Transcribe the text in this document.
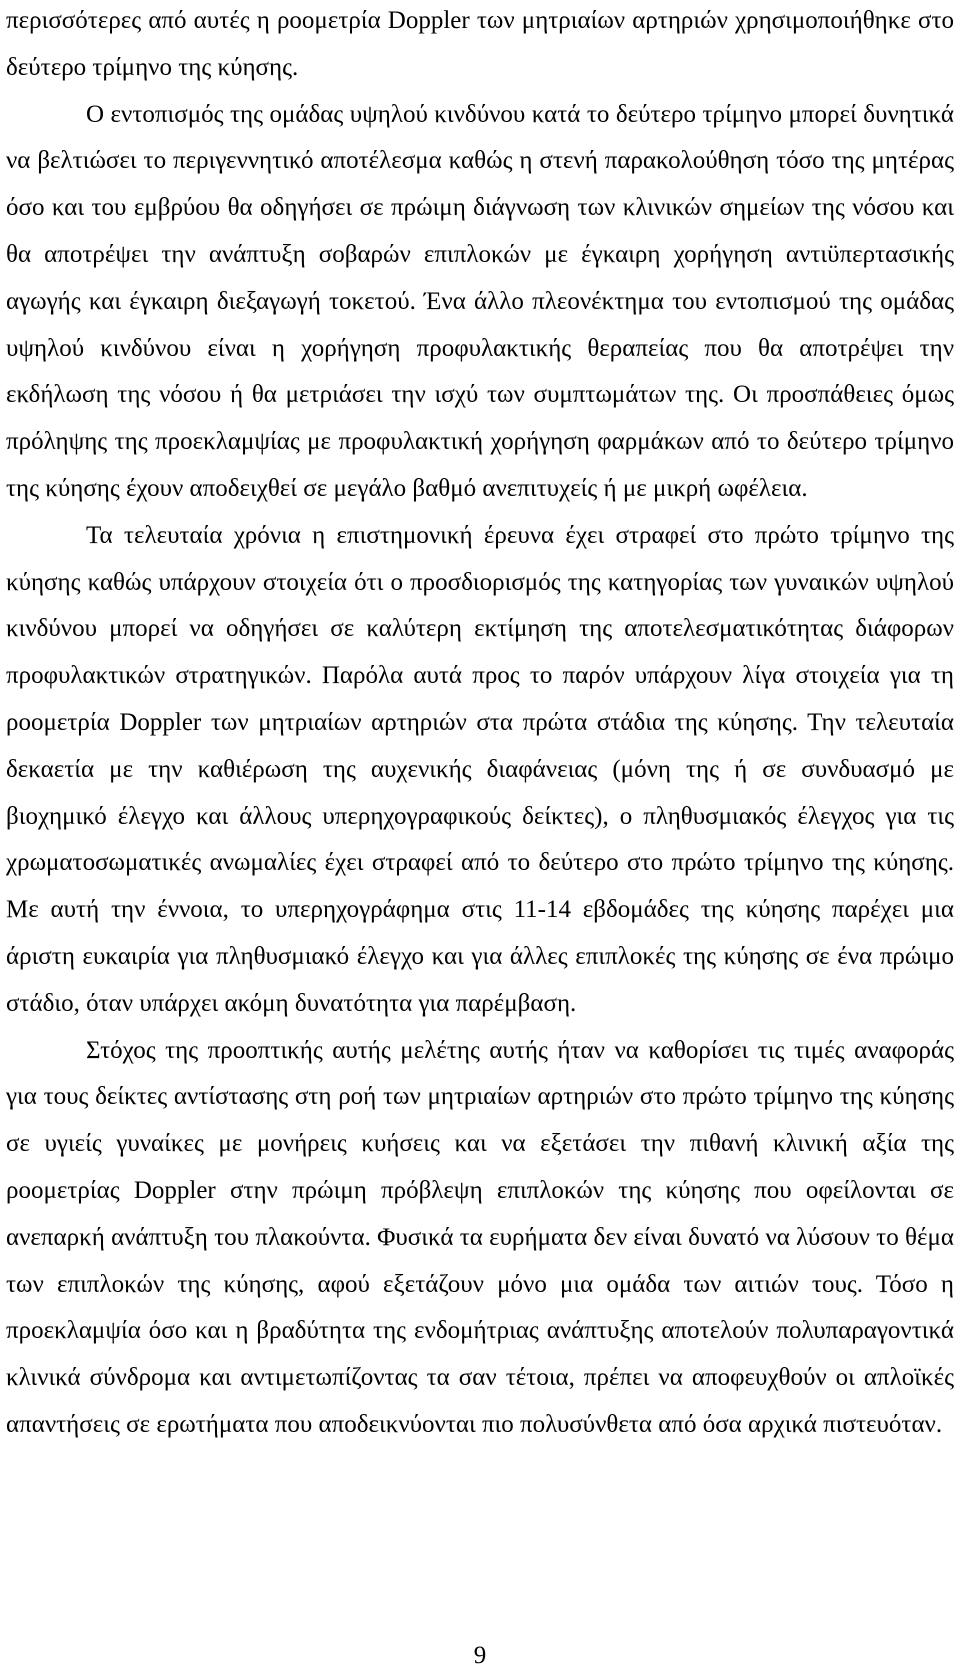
περισσότερες από αυτές η ροομετρία Doppler των μητριαίων αρτηριών χρησιμοποιήθηκε στο δεύτερο τρίμηνο της κύησης.

Ο εντοπισμός της ομάδας υψηλού κινδύνου κατά το δεύτερο τρίμηνο μπορεί δυνητικά να βελτιώσει το περιγεννητικό αποτέλεσμα καθώς η στενή παρακολούθηση τόσο της μητέρας όσο και του εμβρύου θα οδηγήσει σε πρώιμη διάγνωση των κλινικών σημείων της νόσου και θα αποτρέψει την ανάπτυξη σοβαρών επιπλοκών με έγκαιρη χορήγηση αντιϋπερτασικής αγωγής και έγκαιρη διεξαγωγή τοκετού. Ένα άλλο πλεονέκτημα του εντοπισμού της ομάδας υψηλού κινδύνου είναι η χορήγηση προφυλακτικής θεραπείας που θα αποτρέψει την εκδήλωση της νόσου ή θα μετριάσει την ισχύ των συμπτωμάτων της. Οι προσπάθειες όμως πρόληψης της προεκλαμψίας με προφυλακτική χορήγηση φαρμάκων από το δεύτερο τρίμηνο της κύησης έχουν αποδειχθεί σε μεγάλο βαθμό ανεπιτυχείς ή με μικρή ωφέλεια.

Τα τελευταία χρόνια η επιστημονική έρευνα έχει στραφεί στο πρώτο τρίμηνο της κύησης καθώς υπάρχουν στοιχεία ότι ο προσδιορισμός της κατηγορίας των γυναικών υψηλού κινδύνου μπορεί να οδηγήσει σε καλύτερη εκτίμηση της αποτελεσματικότητας διάφορων προφυλακτικών στρατηγικών. Παρόλα αυτά προς το παρόν υπάρχουν λίγα στοιχεία για τη ροομετρία Doppler των μητριαίων αρτηριών στα πρώτα στάδια της κύησης. Την τελευταία δεκαετία με την καθιέρωση της αυχενικής διαφάνειας (μόνη της ή σε συνδυασμό με βιοχημικό έλεγχο και άλλους υπερηχογραφικούς δείκτες), ο πληθυσμιακός έλεγχος για τις χρωματοσωματικές ανωμαλίες έχει στραφεί από το δεύτερο στο πρώτο τρίμηνο της κύησης. Με αυτή την έννοια, το υπερηχογράφημα στις 11-14 εβδομάδες της κύησης παρέχει μια άριστη ευκαιρία για πληθυσμιακό έλεγχο και για άλλες επιπλοκές της κύησης σε ένα πρώιμο στάδιο, όταν υπάρχει ακόμη δυνατότητα για παρέμβαση.

Στόχος της προοπτικής αυτής μελέτης αυτής ήταν να καθορίσει τις τιμές αναφοράς για τους δείκτες αντίστασης στη ροή των μητριαίων αρτηριών στο πρώτο τρίμηνο της κύησης σε υγιείς γυναίκες με μονήρεις κυήσεις και να εξετάσει την πιθανή κλινική αξία της ροομετρίας Doppler στην πρώιμη πρόβλεψη επιπλοκών της κύησης που οφείλονται σε ανεπαρκή ανάπτυξη του πλακούντα. Φυσικά τα ευρήματα δεν είναι δυνατό να λύσουν το θέμα των επιπλοκών της κύησης, αφού εξετάζουν μόνο μια ομάδα των αιτιών τους. Τόσο η προεκλαμψία όσο και η βραδύτητα της ενδομήτριας ανάπτυξης αποτελούν πολυπαραγοντικά κλινικά σύνδρομα και αντιμετωπίζοντας τα σαν τέτοια, πρέπει να αποφευχθούν οι απλοϊκές απαντήσεις σε ερωτήματα που αποδεικνύονται πιο πολυσύνθετα από όσα αρχικά πιστευόταν.

9
